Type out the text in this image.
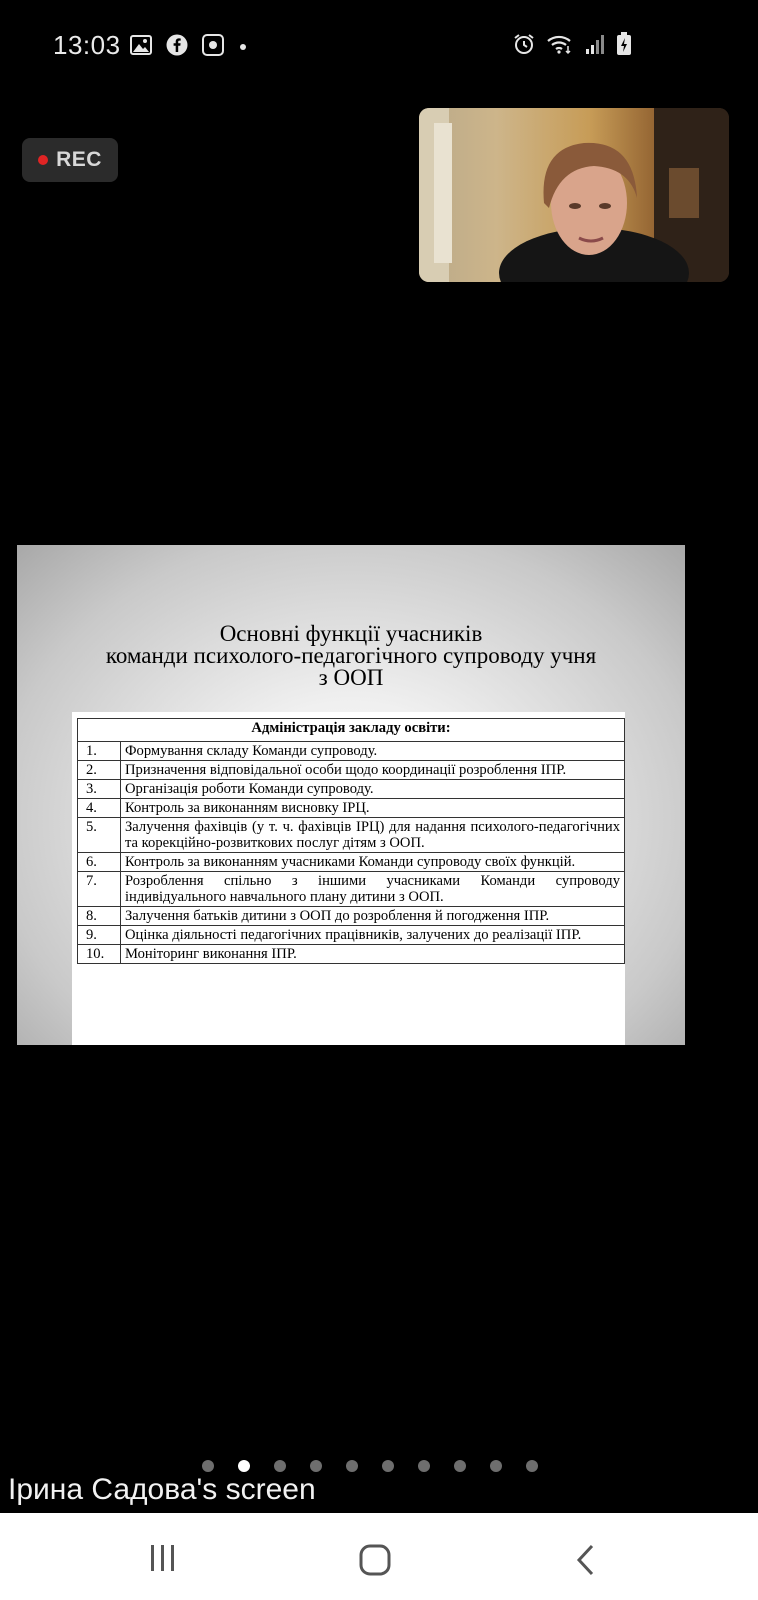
13:03
REC
Основні функції учасників
команди психолого-педагогічного супроводу учня
з ООП
Адміністрація закладу освіти:	
1.	Формування складу Команди супроводу.
2.	Призначення відповідальної особи щодо координації розроблення ІПР.
3.	Організація роботи Команди супроводу.
4.	Контроль за виконанням висновку ІРЦ.
5.	Залучення фахівців (у т. ч. фахівців ІРЦ) для надання психолого-педагогічних та корекційно-розвиткових послуг дітям з ООП.
6.	Контроль за виконанням учасниками Команди супроводу своїх функцій.
7.	Розроблення спільно з іншими учасниками Команди супроводу індивідуального навчального плану дитини з ООП.
8.	Залучення батьків дитини з ООП до розроблення й погодження ІПР.
9.	Оцінка діяльності педагогічних працівників, залучених до реалізації ІПР.
10.	Моніторинг виконання ІПР.
Ірина Садова's screen
